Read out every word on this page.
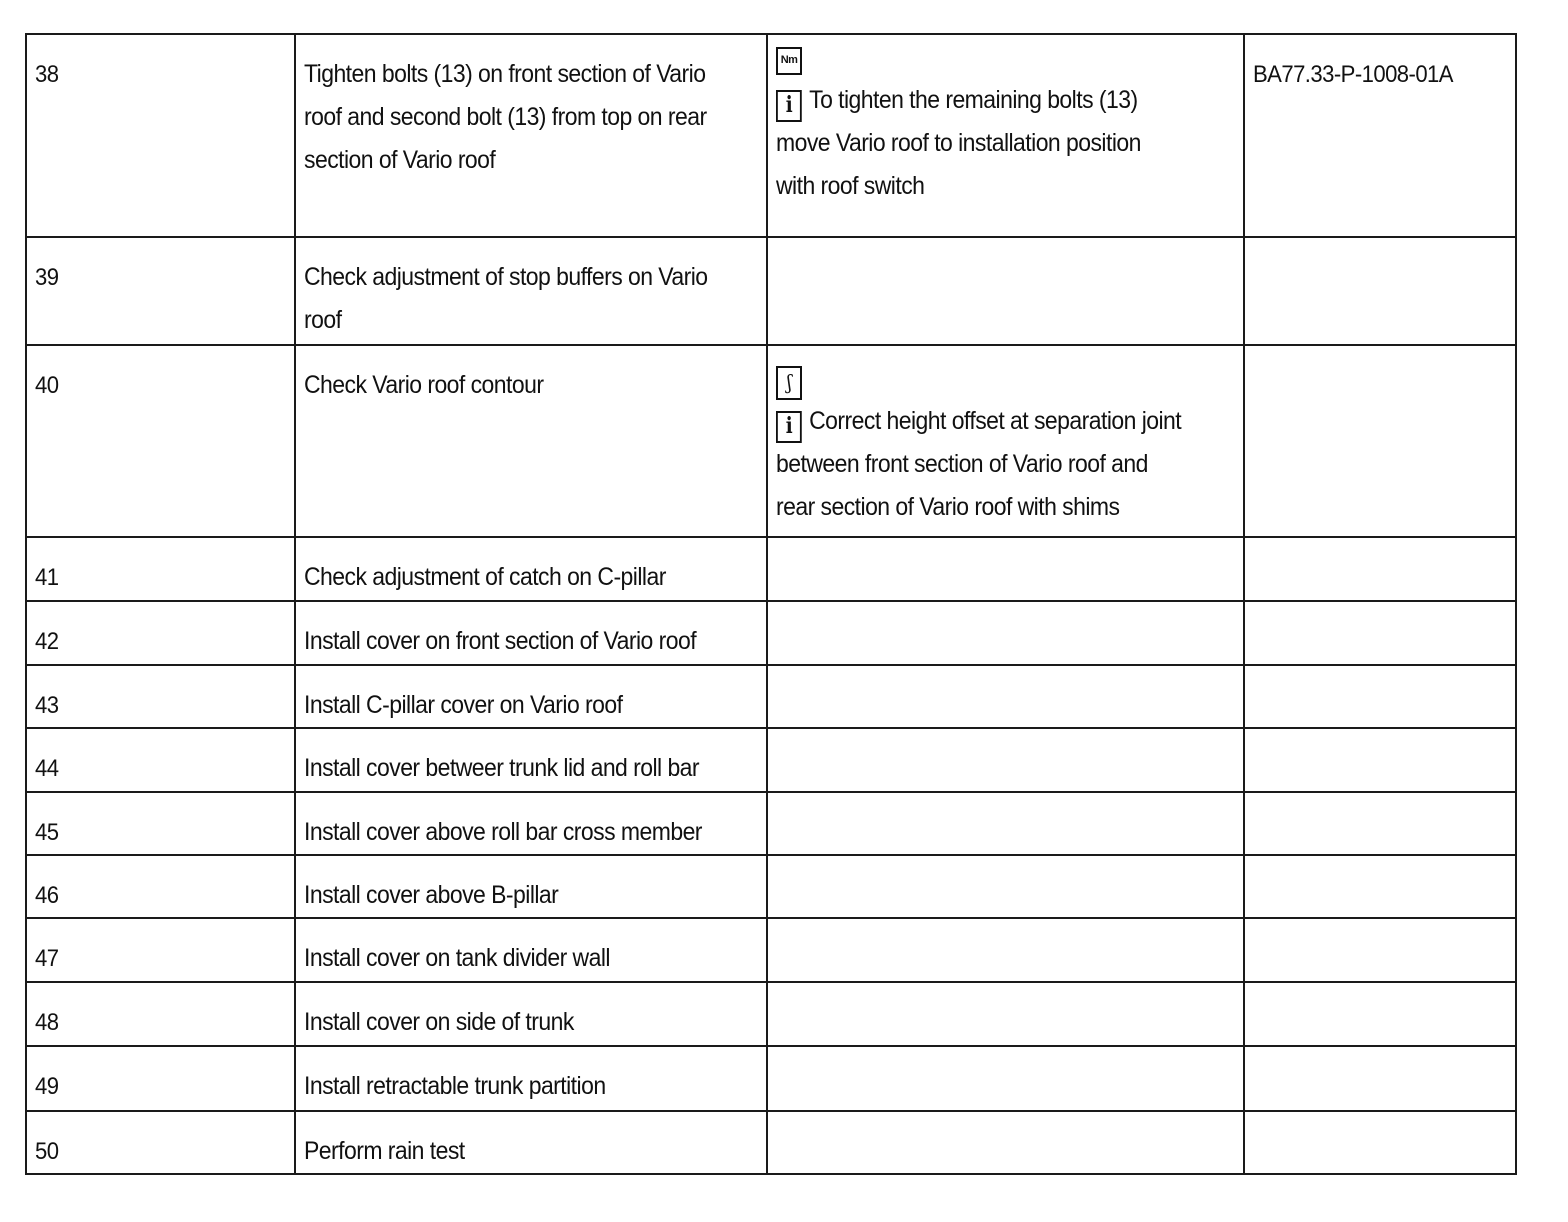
38	Tighten bolts (13) on front section of Vario
roof and second bolt (13) from top on rear
section of Vario roof	Nm
i To tighten the remaining bolts (13)move Vario roof to installation positionwith roof switch	BA77.33-P-1008-01A
39	Check adjustment of stop buffers on Vario
roof		

40	Check Vario roof contour	ʃ
i Correct height offset at separation jointbetween front section of Vario roof andrear section of Vario roof with shims	
41	Check adjustment of catch on C-pillar		

42	Install cover on front section of Vario roof		

43	Install C-pillar cover on Vario roof		

44	Install cover betweer trunk lid and roll bar		

45	Install cover above roll bar cross member		

46	Install cover above B-pillar		

47	Install cover on tank divider wall		

48	Install cover on side of trunk		

49	Install retractable trunk partition		

50	Perform rain test		
